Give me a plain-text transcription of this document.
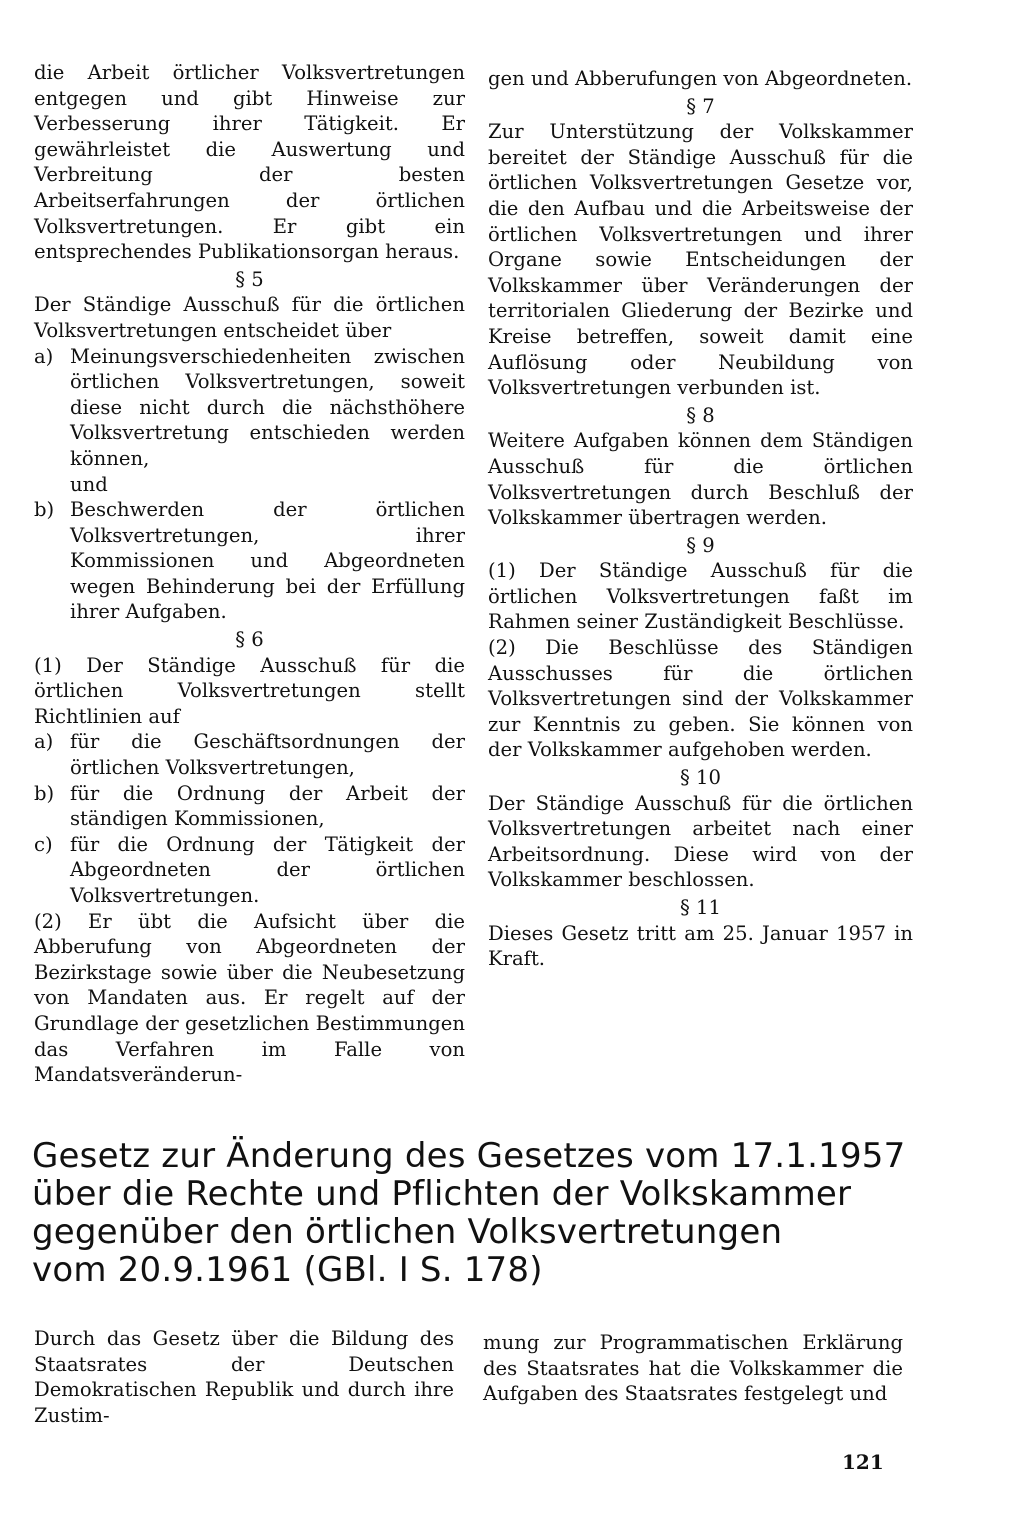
die Arbeit örtlicher Volksvertretungen entgegen und gibt Hinweise zur Verbesserung ihrer Tätigkeit. Er gewährleistet die Auswertung und Verbreitung der besten Arbeitserfahrungen der örtlichen Volksvertretungen. Er gibt ein entsprechendes Publikationsorgan heraus.

§ 5

Der Ständige Ausschuß für die örtlichen Volksvertretungen entscheidet über

a) Meinungsverschiedenheiten zwischen örtlichen Volksvertretungen, soweit diese nicht durch die nächsthöhere Volksvertretung entschieden werden können,
und
b) Beschwerden der örtlichen Volksvertretungen, ihrer Kommissionen und Abgeordneten wegen Behinderung bei der Erfüllung ihrer Aufgaben.

§ 6

(1) Der Ständige Ausschuß für die örtlichen Volksvertretungen stellt Richtlinien auf

a) für die Geschäftsordnungen der örtlichen Volksvertretungen,
b) für die Ordnung der Arbeit der ständigen Kommissionen,
c) für die Ordnung der Tätigkeit der Abgeordneten der örtlichen Volksvertretungen.

(2) Er übt die Aufsicht über die Abberufung von Abgeordneten der Bezirkstage sowie über die Neubesetzung von Mandaten aus. Er regelt auf der Grundlage der gesetzlichen Bestimmungen das Verfahren im Falle von Mandatsveränderun-

gen und Abberufungen von Abgeordneten.

§ 7

Zur Unterstützung der Volkskammer bereitet der Ständige Ausschuß für die örtlichen Volksvertretungen Gesetze vor, die den Aufbau und die Arbeitsweise der örtlichen Volksvertretungen und ihrer Organe sowie Entscheidungen der Volkskammer über Veränderungen der territorialen Gliederung der Bezirke und Kreise betreffen, soweit damit eine Auflösung oder Neubildung von Volksvertretungen verbunden ist.

§ 8

Weitere Aufgaben können dem Ständigen Ausschuß für die örtlichen Volksvertretungen durch Beschluß der Volkskammer übertragen werden.

§ 9

(1) Der Ständige Ausschuß für die örtlichen Volksvertretungen faßt im Rahmen seiner Zuständigkeit Beschlüsse.

(2) Die Beschlüsse des Ständigen Ausschusses für die örtlichen Volksvertretungen sind der Volkskammer zur Kenntnis zu geben. Sie können von der Volkskammer aufgehoben werden.

§ 10

Der Ständige Ausschuß für die örtlichen Volksvertretungen arbeitet nach einer Arbeitsordnung. Diese wird von der Volkskammer beschlossen.

§ 11

Dieses Gesetz tritt am 25. Januar 1957 in Kraft.

Gesetz zur Änderung des Gesetzes vom 17.1.1957
über die Rechte und Pflichten der Volkskammer
gegenüber den örtlichen Volksvertretungen
vom 20.9.1961 (GBl. I S. 178)

Durch das Gesetz über die Bildung des Staatsrates der Deutschen Demokratischen Republik und durch ihre Zustim-

mung zur Programmatischen Erklärung des Staatsrates hat die Volkskammer die Aufgaben des Staatsrates festgelegt und

121
